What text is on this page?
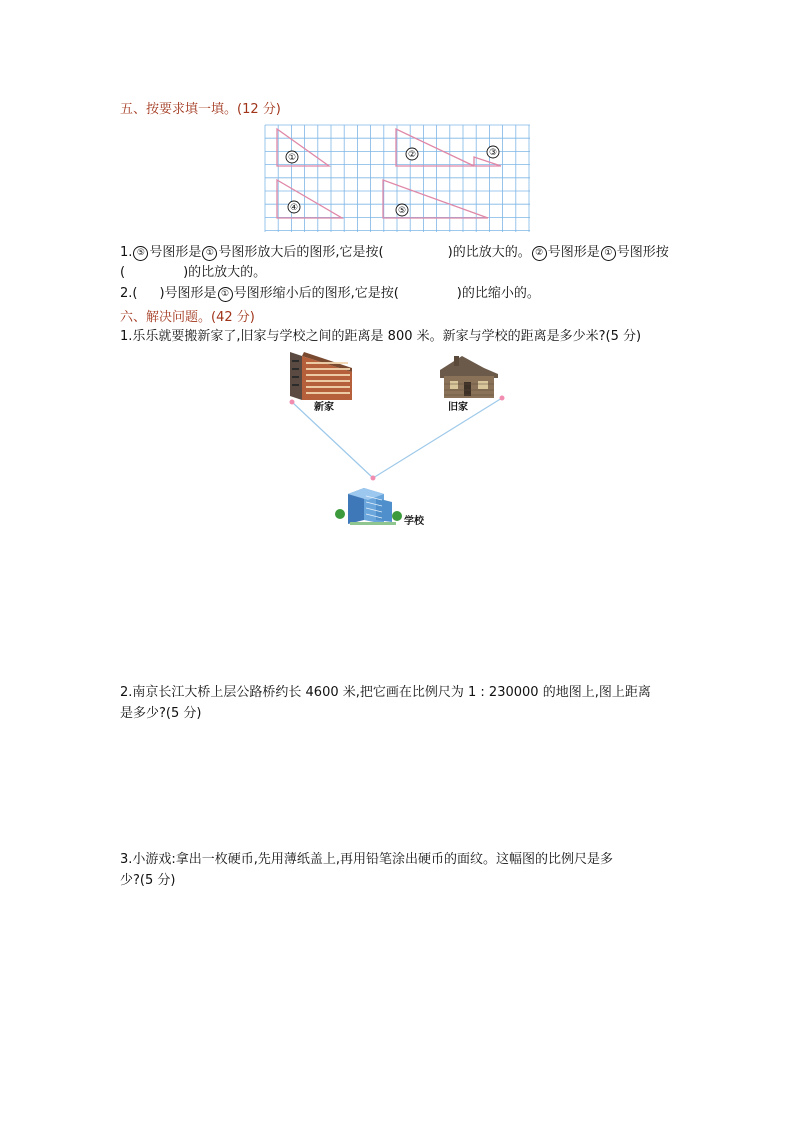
五、按要求填一填。(12 分)
①	②	③
④	⑤
1. ⑤ 号图形是 ① 号图形放大后的图形,它是按(	)的比放大的。 ② 号图形是 ① 号图形按
(	)的比放大的。
2.( )号图形是 ① 号图形缩小后的图形,它是按(	)的比缩小的。
六、解决问题。(42 分)
1.乐乐就要搬新家了,旧家与学校之间的距离是 800 米。新家与学校的距离是多少米?(5 分)
新家	旧家
学校
2.南京长江大桥上层公路桥约长 4600 米,把它画在比例尺为 1 : 230000 的地图上,图上距离
是多少?(5 分)
3.小游戏:拿出一枚硬币,先用薄纸盖上,再用铅笔涂出硬币的面纹。这幅图的比例尺是多
少?(5 分)
